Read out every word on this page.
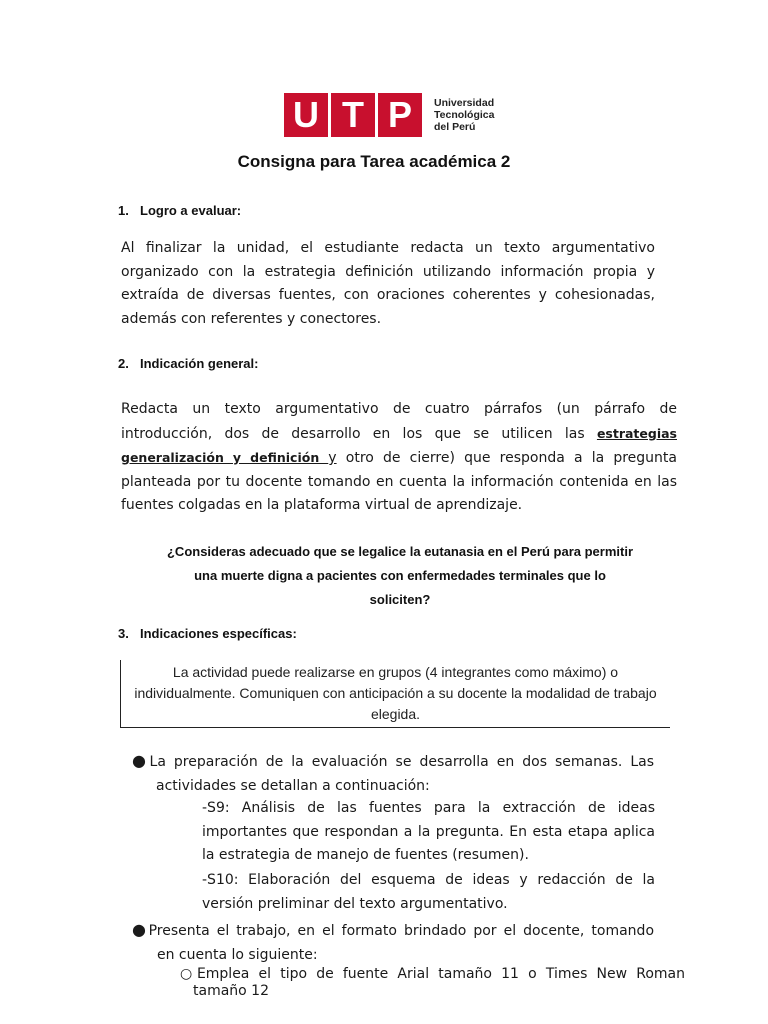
U T P	Universidad
Tecnológica
del Perú
Consigna para Tarea académica 2
1. Logro a evaluar:
Al finalizar la unidad, el estudiante redacta un texto argumentativo
organizado con la estrategia definición utilizando información propia y
extraída de diversas fuentes, con oraciones coherentes y cohesionadas,
además con referentes y conectores.
2. Indicación general:
Redacta un texto argumentativo de cuatro párrafos (un párrafo de
introducción, dos de desarrollo en los que se utilicen las estrategias
generalización y definición y otro de cierre) que responda a la pregunta
planteada por tu docente tomando en cuenta la información contenida en las
fuentes colgadas en la plataforma virtual de aprendizaje.
¿Consideras adecuado que se legalice la eutanasia en el Perú para permitir
una muerte digna a pacientes con enfermedades terminales que lo
soliciten?
3. Indicaciones específicas:
La actividad puede realizarse en grupos (4 integrantes como máximo) o
individualmente. Comuniquen con anticipación a su docente la modalidad de trabajo
elegida.
●La preparación de la evaluación se desarrolla en dos semanas. Las
actividades se detallan a continuación:
-S9: Análisis de las fuentes para la extracción de ideas
importantes que respondan a la pregunta. En esta etapa aplica
la estrategia de manejo de fuentes (resumen).
-S10: Elaboración del esquema de ideas y redacción de la
versión preliminar del texto argumentativo.
●Presenta el trabajo, en el formato brindado por el docente, tomando
en cuenta lo siguiente:
○Emplea el tipo de fuente Arial tamaño 11 o Times New Roman
tamaño 12
